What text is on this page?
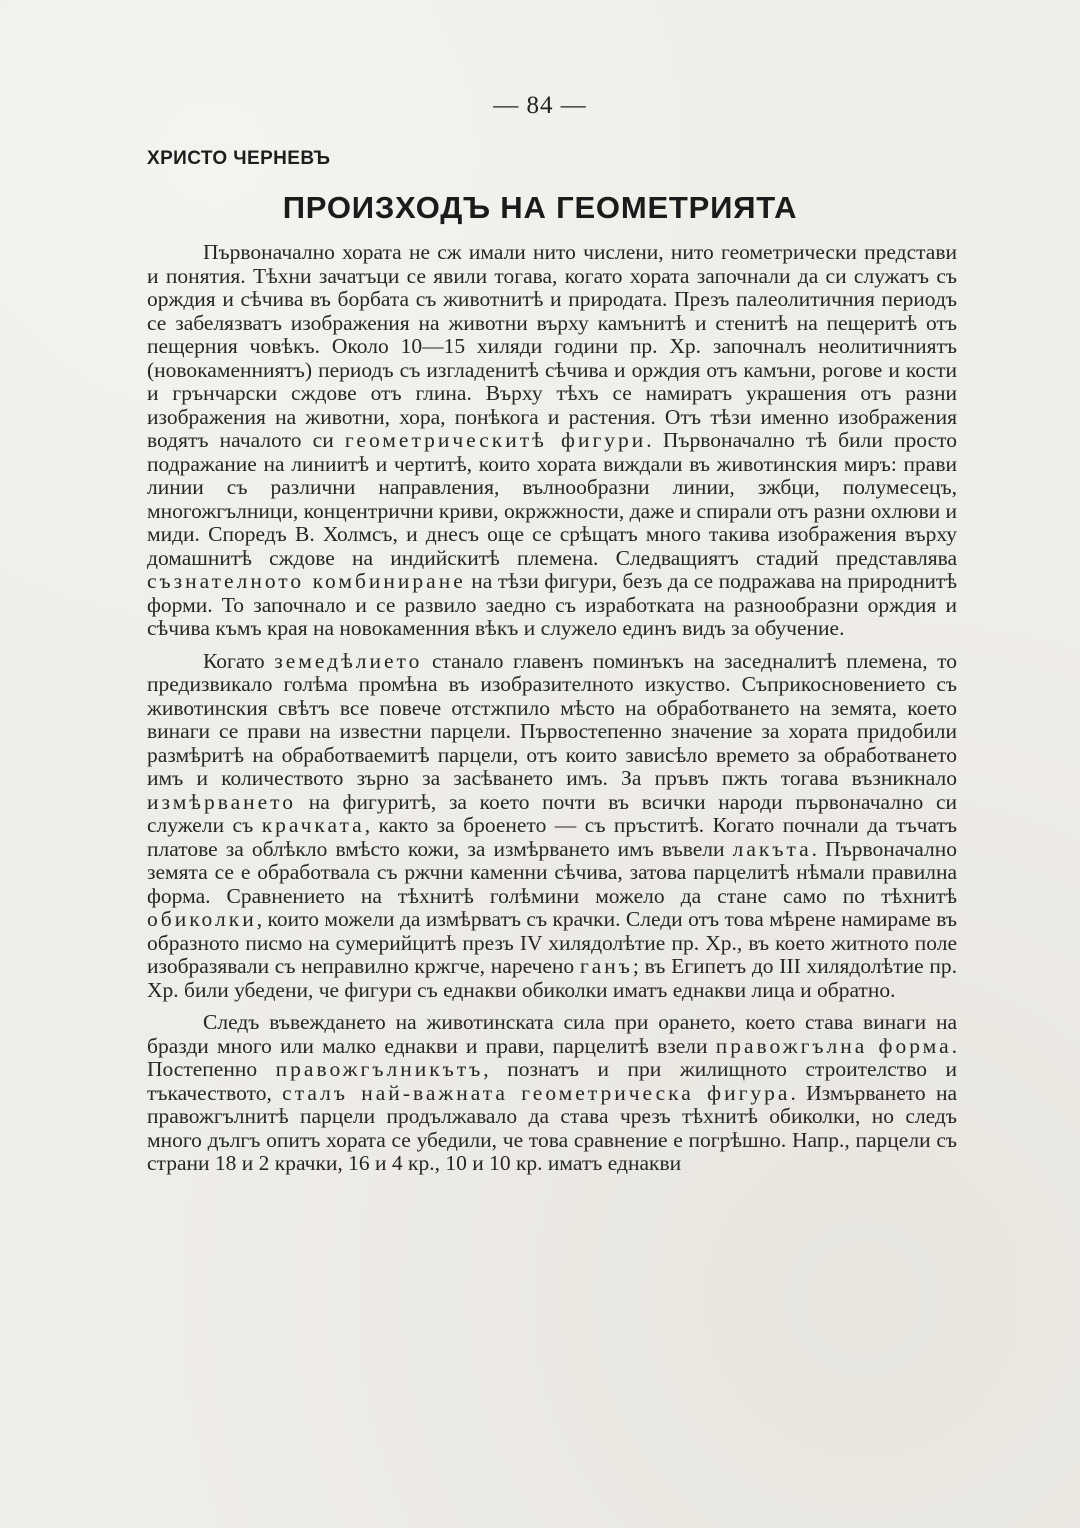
— 84 —
ХРИСТО ЧЕРНЕВЪ
ПРОИЗХОДЪ НА ГЕОМЕТРИЯТА

Първоначално хората не сж имали нито числени, нито геометрически представи и понятия. Тѣхни зачатъци се явили тогава, когато хората започнали да си служатъ съ орждия и сѣчива въ борбата съ животнитѣ и природата. Презъ палеолитичния периодъ се забелязватъ изображения на животни върху камънитѣ и стенитѣ на пещеритѣ отъ пещерния човѣкъ. Около 10—15 хиляди години пр. Хр. започналъ неолитичниятъ (новокаменниятъ) периодъ съ изгладенитѣ сѣчива и орждия отъ камъни, рогове и кости и грънчарски сждове отъ глина. Върху тѣхъ се намиратъ украшения отъ разни изображения на животни, хора, понѣкога и растения. Отъ тѣзи именно изображения водятъ началото си геометрическитѣ фигури. Първоначално тѣ били просто подражание на линиитѣ и чертитѣ, които хората виждали въ животинския миръ: прави линии съ различни направления, вълнообразни линии, зжбци, полумесецъ, многожгълници, концентрични криви, окржжности, даже и спирали отъ разни охлюви и миди. Споредъ В. Холмсъ, и днесъ още се срѣщатъ много такива изображения върху домашнитѣ сждове на индийскитѣ племена. Следващиятъ стадий представлява съзнателното комбиниране на тѣзи фигури, безъ да се подражава на природнитѣ форми. То започнало и се развило заедно съ изработката на разнообразни орждия и сѣчива къмъ края на новокаменния вѣкъ и служело единъ видъ за обучение.

Когато земедѣлието станало главенъ поминъкъ на заседналитѣ племена, то предизвикало голѣма промѣна въ изобразителното изкуство. Съприкосновението съ животинския свѣтъ все повече отстжпило мѣсто на обработването на земята, което винаги се прави на известни парцели. Първостепенно значение за хората придобили размѣритѣ на обработваемитѣ парцели, отъ които зависѣло времето за обработването имъ и количеството зърно за засѣването имъ. За пръвъ пжть тогава възникнало измѣрването на фигуритѣ, за което почти въ всички народи първоначално си служели съ крачката, както за броенето — съ пръститѣ. Когато почнали да тъчатъ платове за облѣкло вмѣсто кожи, за измѣрването имъ въвели лакъта. Първоначално земята се е обработвала съ ржчни каменни сѣчива, затова парцелитѣ нѣмали правилна форма. Сравнението на тѣхнитѣ голѣмини можело да стане само по тѣхнитѣ обиколки, които можели да измѣрватъ съ крачки. Следи отъ това мѣрене намираме въ образното писмо на сумерийцитѣ презъ IV хилядолѣтие пр. Хр., въ което житното поле изобразявали съ неправилно кржгче, наречено ганъ; въ Египетъ до III хилядолѣтие пр. Хр. били убедени, че фигури съ еднакви обиколки иматъ еднакви лица и обратно.

Следъ въвеждането на животинската сила при орането, което става винаги на бразди много или малко еднакви и прави, парцелитѣ взели правожгълна форма. Постепенно правожгълникътъ, познатъ и при жилищното строителство и тъкачеството, сталъ най-важната геометрическа фигура. Измърването на правожгълнитѣ парцели продължавало да става чрезъ тѣхнитѣ обиколки, но следъ много дългъ опитъ хората се убедили, че това сравнение е погрѣшно. Напр., парцели съ страни 18 и 2 крачки, 16 и 4 кр., 10 и 10 кр. иматъ еднакви
